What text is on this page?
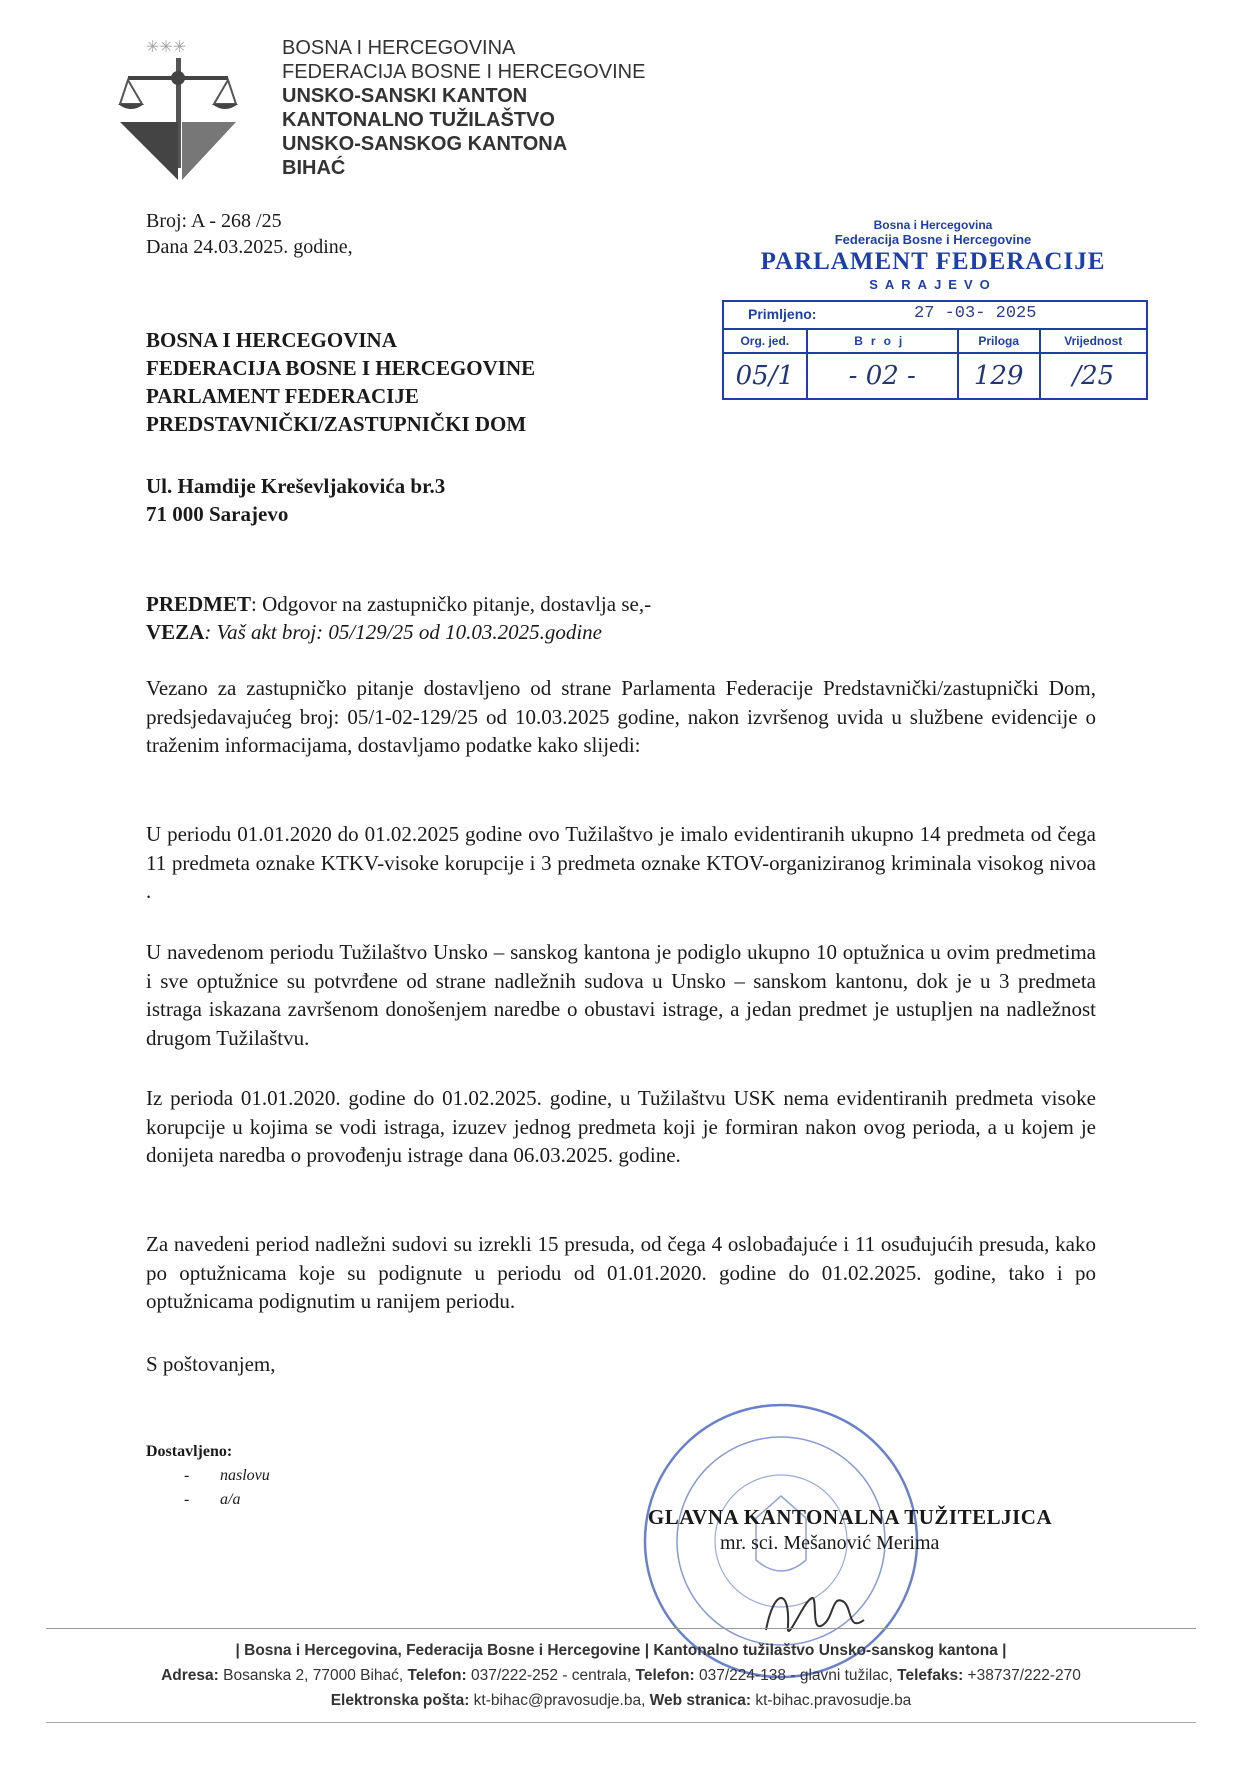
✳✳✳	BOSNA I HERCEGOVINA
FEDERACIJA BOSNE I HERCEGOVINE
UNSKO-SANSKI KANTON
KANTONALNO TUŽILAŠTVO
UNSKO-SANSKOG KANTONA
BIHAĆ
Broj: A - 268 /25
Dana 24.03.2025. godine,
Bosna i Hercegovina
Federacija Bosne i Hercegovine
PARLAMENT FEDERACIJE
SARAJEVO
Primljeno:	27 -03- 2025
Org. jed.	Broj	Priloga	Vrijednost
05/1	- 02 -	129	/25
BOSNA I HERCEGOVINA
FEDERACIJA BOSNE I HERCEGOVINE
PARLAMENT FEDERACIJE
PREDSTAVNIČKI/ZASTUPNIČKI DOM
Ul. Hamdije Kreševljakovića br.3
71 000 Sarajevo
PREDMET: Odgovor na zastupničko pitanje, dostavlja se,-
VEZA: Vaš akt broj: 05/129/25 od 10.03.2025.godine
Vezano za zastupničko pitanje dostavljeno od strane Parlamenta Federacije Predstavnički/zastupnički Dom, predsjedavajućeg broj: 05/1-02-129/25 od 10.03.2025 godine, nakon izvršenog uvida u službene evidencije o traženim informacijama, dostavljamo podatke kako slijedi:
U periodu 01.01.2020 do 01.02.2025 godine ovo Tužilaštvo je imalo evidentiranih ukupno 14 predmeta od čega 11 predmeta oznake KTKV-visoke korupcije i 3 predmeta oznake KTOV-organiziranog kriminala visokog nivoa .
U navedenom periodu Tužilaštvo Unsko – sanskog kantona je podiglo ukupno 10 optužnica u ovim predmetima i sve optužnice su potvrđene od strane nadležnih sudova u Unsko – sanskom kantonu, dok je u 3 predmeta istraga iskazana završenom donošenjem naredbe o obustavi istrage, a jedan predmet je ustupljen na nadležnost drugom Tužilaštvu.
Iz perioda 01.01.2020. godine do 01.02.2025. godine, u Tužilaštvu USK nema evidentiranih predmeta visoke korupcije u kojima se vodi istraga, izuzev jednog predmeta koji je formiran nakon ovog perioda, a u kojem je donijeta naredba o provođenju istrage dana 06.03.2025. godine.
Za navedeni period nadležni sudovi su izrekli 15 presuda, od čega 4 oslobađajuće i 11 osuđujućih presuda, kako po optužnicama koje su podignute u periodu od 01.01.2020. godine do 01.02.2025. godine, tako i po optužnicama podignutim u ranijem periodu.
S poštovanjem,
Dostavljeno:
- naslovu
- a/a
GLAVNA KANTONALNA TUŽITELJICA
mr. sci. Mešanović Merima
| Bosna i Hercegovina, Federacija Bosne i Hercegovine | Kantonalno tužilaštvo Unsko-sanskog kantona |
Adresa: Bosanska 2, 77000 Bihać, Telefon: 037/222-252 - centrala, Telefon: 037/224-138 - glavni tužilac, Telefaks: +38737/222-270
Elektronska pošta: kt-bihac@pravosudje.ba, Web stranica: kt-bihac.pravosudje.ba
